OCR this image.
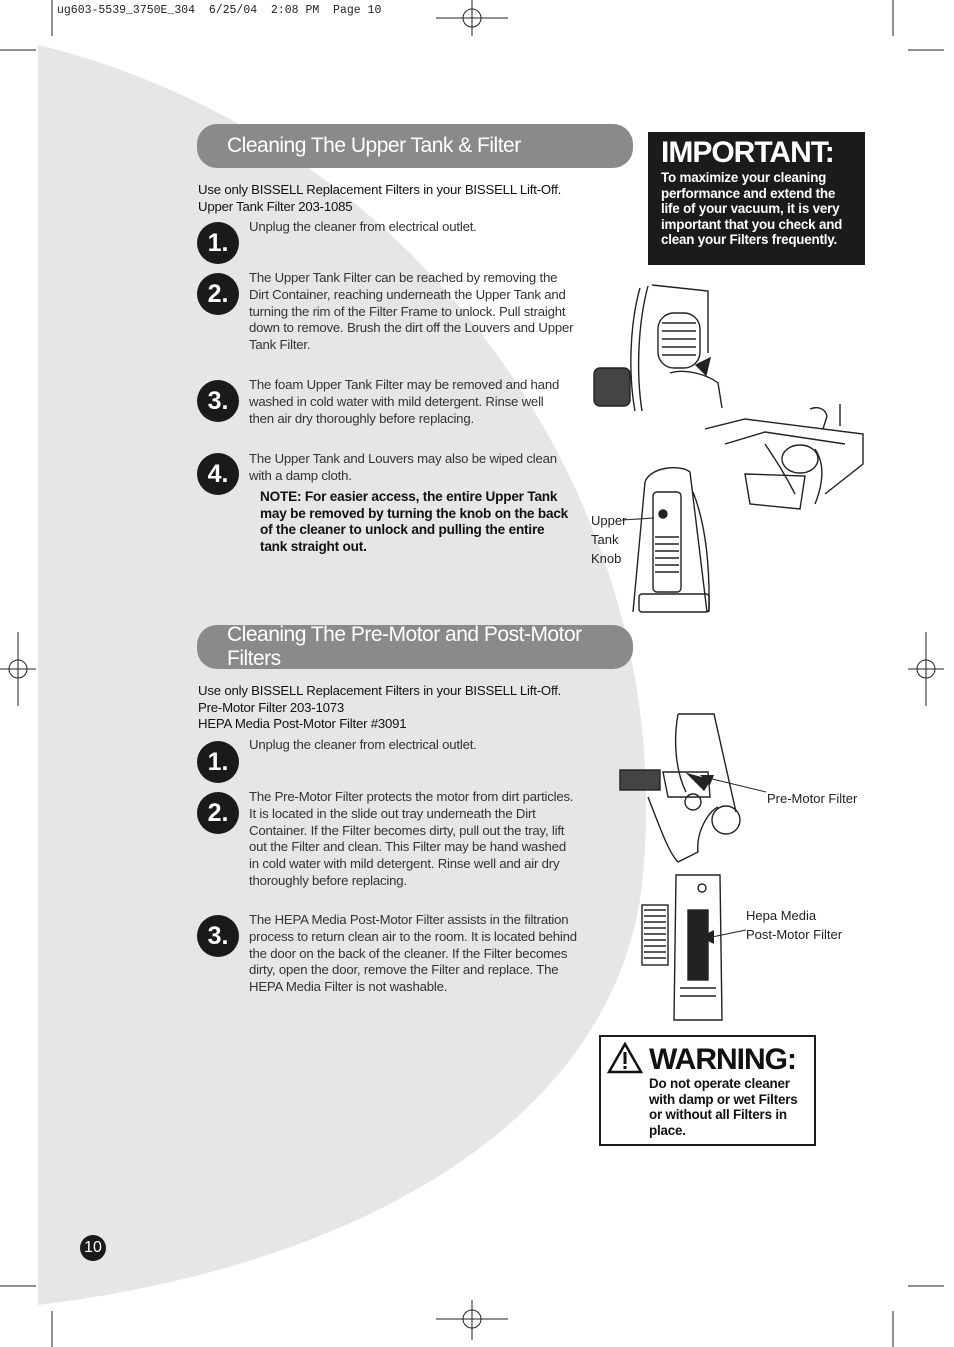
ug603-5539_3750E_304  6/25/04  2:08 PM  Page 10
Cleaning The Upper Tank & Filter
Use only BISSELL Replacement Filters in your BISSELL Lift-Off.
Upper Tank Filter 203-1085
1.
Unplug the cleaner from electrical outlet.
2.
The Upper Tank Filter can be reached by removing the Dirt Container, reaching underneath the Upper Tank and turning the rim of the Filter Frame to unlock. Pull straight down to remove. Brush the dirt off the Louvers and Upper Tank Filter.
3.
The foam Upper Tank Filter may be removed and hand washed in cold water with mild detergent. Rinse well then air dry thoroughly before replacing.
4.
The Upper Tank and Louvers may also be wiped clean with a damp cloth.
NOTE: For easier access, the entire Upper Tank may be removed by turning the knob on the back of the cleaner to unlock and pulling the entire tank straight out.
IMPORTANT:
To maximize your cleaning performance and extend the life of your vacuum, it is very important that you check and clean your Filters frequently.
Upper
Tank
Knob
Cleaning The Pre-Motor and Post-Motor Filters
Use only BISSELL Replacement Filters in your BISSELL Lift-Off.
Pre-Motor Filter 203-1073
HEPA Media Post-Motor Filter #3091
1.
Unplug the cleaner from electrical outlet.
2.
The Pre-Motor Filter protects the motor from dirt particles. It is located in the slide out tray underneath the Dirt Container. If the Filter becomes dirty, pull out the tray, lift out the Filter and clean. This Filter may be hand washed in cold water with mild detergent. Rinse well and air dry thoroughly before replacing.
3.
The HEPA Media Post-Motor Filter assists in the filtration process to return clean air to the room. It is located behind the door on the back of the cleaner. If the Filter becomes dirty, open the door, remove the Filter and replace. The HEPA Media Filter is not washable.
Pre-Motor Filter
Hepa Media
Post-Motor Filter
WARNING:
Do not operate cleaner with damp or wet Filters or without all Filters in place.
10
